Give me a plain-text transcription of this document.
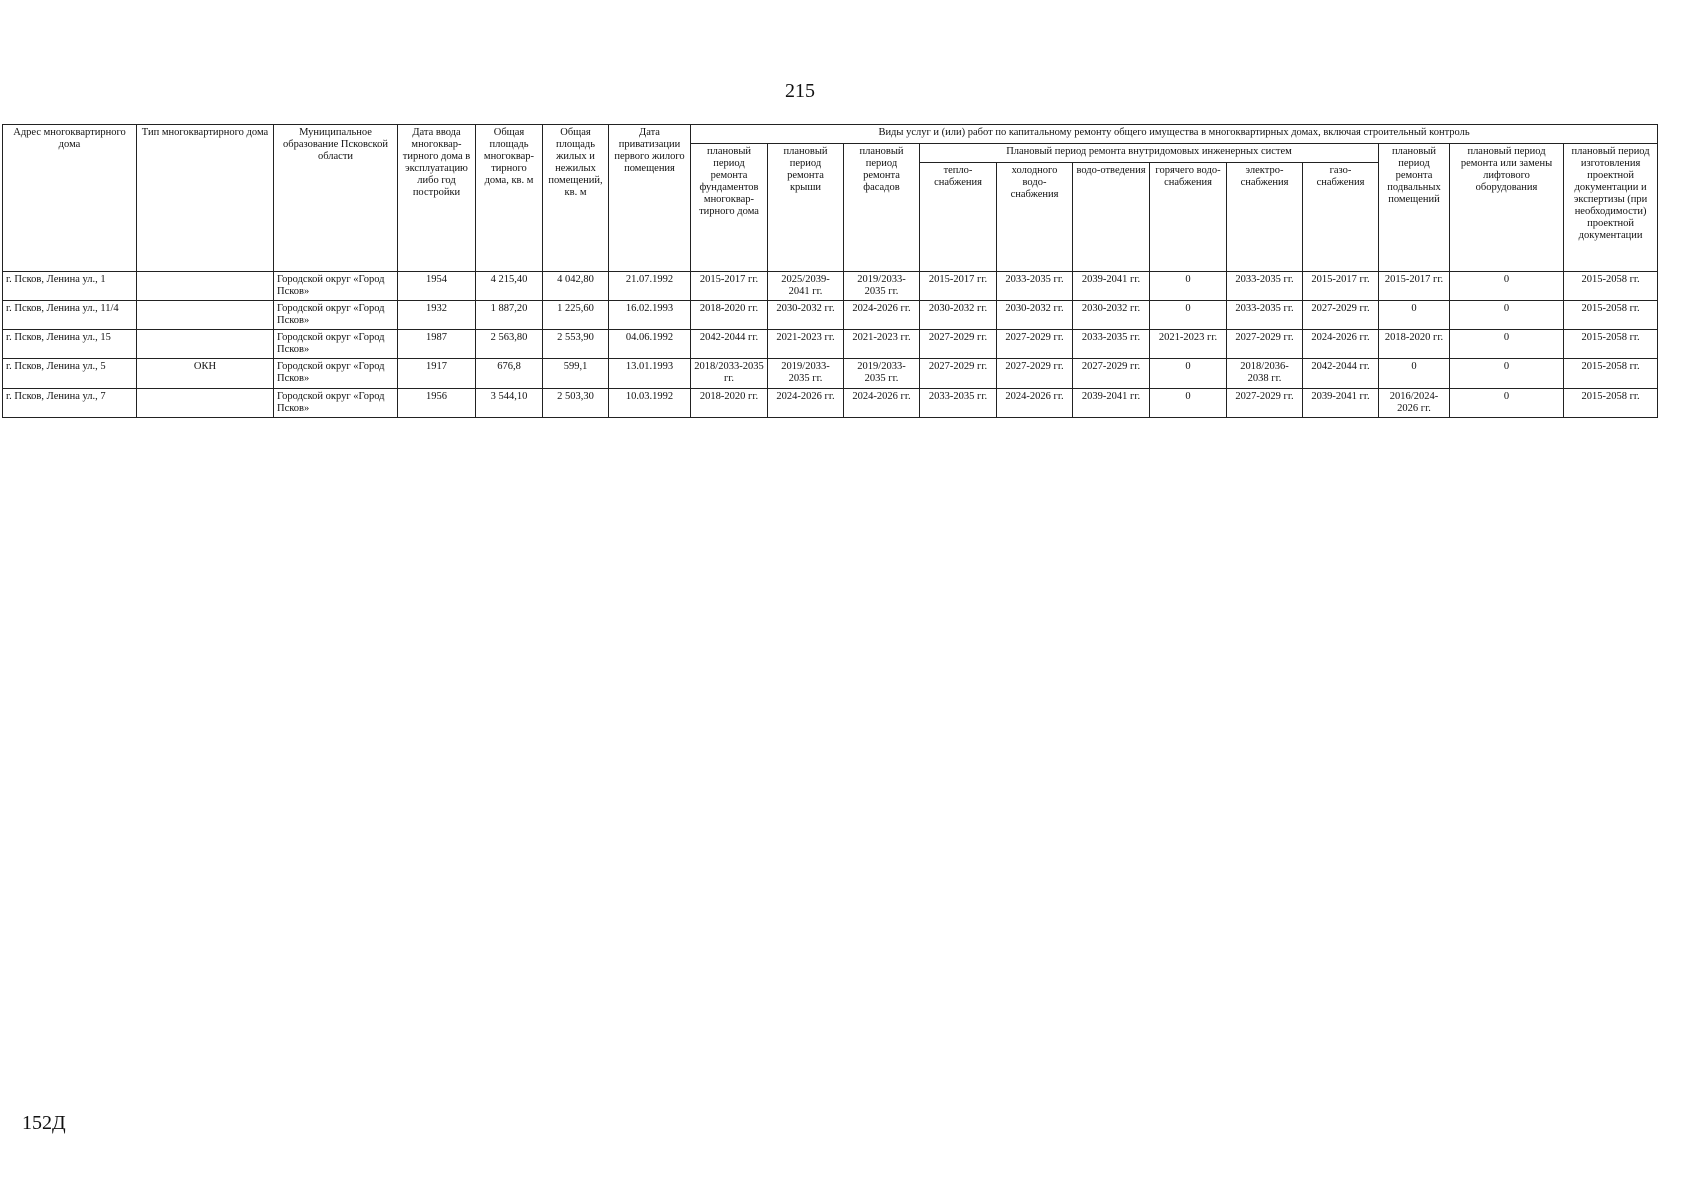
215
Адрес многоквартирного дома	Тип многоквартирного дома	Муниципальное образование Псковской области	Дата ввода многоквар-тирного дома в эксплуатацию либо год постройки	Общая площадь многоквар-тирного дома, кв. м	Общая площадь жилых и нежилых помещений, кв. м	Дата приватизации первого жилого помещения	Виды услуг и (или) работ по капитальному ремонту общего имущества в многоквартирных домах, включая строительный контроль											
							плановый период ремонта фундаментов многоквар-тирного дома	плановый период ремонта крыши	плановый период ремонта фасадов	Плановый период ремонта внутридомовых инженерных систем						плановый период ремонта подвальных помещений	плановый период ремонта или замены лифтового оборудования	плановый период изготовления проектной документации и экспертизы (при необходимости) проектной документации
										тепло-снабжения	холодного водо-снабжения	водо-отведения	горячего водо-снабжения	электро-снабжения	газо-снабжения			
г. Псков, Ленина ул., 1		Городской округ «Город Псков»	1954	4 215,40	4 042,80	21.07.1992	2015-2017 гг.	2025/2039-2041 гг.	2019/2033-2035 гг.	2015-2017 гг.	2033-2035 гг.	2039-2041 гг.	0	2033-2035 гг.	2015-2017 гг.	2015-2017 гг.	0	2015-2058 гг.
г. Псков, Ленина ул., 11/4		Городской округ «Город Псков»	1932	1 887,20	1 225,60	16.02.1993	2018-2020 гг.	2030-2032 гг.	2024-2026 гг.	2030-2032 гг.	2030-2032 гг.	2030-2032 гг.	0	2033-2035 гг.	2027-2029 гг.	0	0	2015-2058 гг.
г. Псков, Ленина ул., 15		Городской округ «Город Псков»	1987	2 563,80	2 553,90	04.06.1992	2042-2044 гг.	2021-2023 гг.	2021-2023 гг.	2027-2029 гг.	2027-2029 гг.	2033-2035 гг.	2021-2023 гг.	2027-2029 гг.	2024-2026 гг.	2018-2020 гг.	0	2015-2058 гг.
г. Псков, Ленина ул., 5	ОКН	Городской округ «Город Псков»	1917	676,8	599,1	13.01.1993	2018/2033-2035 гг.	2019/2033-2035 гг.	2019/2033-2035 гг.	2027-2029 гг.	2027-2029 гг.	2027-2029 гг.	0	2018/2036-2038 гг.	2042-2044 гг.	0	0	2015-2058 гг.
г. Псков, Ленина ул., 7		Городской округ «Город Псков»	1956	3 544,10	2 503,30	10.03.1992	2018-2020 гг.	2024-2026 гг.	2024-2026 гг.	2033-2035 гг.	2024-2026 гг.	2039-2041 гг.	0	2027-2029 гг.	2039-2041 гг.	2016/2024-2026 гг.	0	2015-2058 гг.
152Д
